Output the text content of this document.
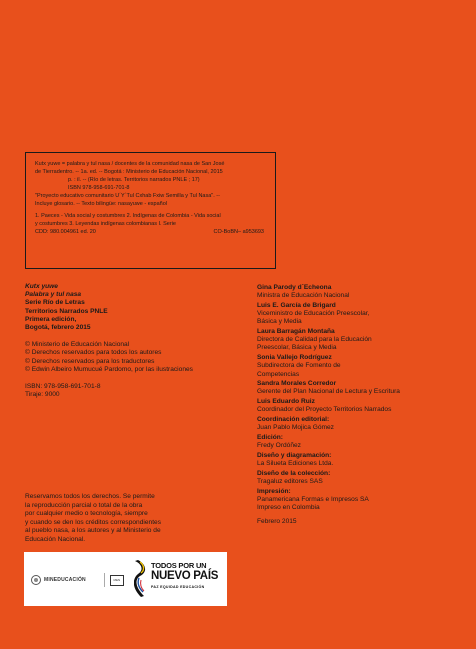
Kutx yuwe = palabra y tul nasa / docentes de la comunidad nasa de San José

de Tierradentro. -- 1a. ed. -- Bogotá : Ministerio de Educación Nacional, 2015

p. : il. -- (Río de letras. Territorios narrados PNLE ; 17)

ISBN 978-958-691-701-8

"Proyecto educativo comunitario U´Y´Tul Cxhab Fxiw Semilla y Tul Nasa". --

Incluye glosario. -- Texto bilingüe: nasayuwe - español

1. Paeces - Vida social y costumbres 2. Indígenas de Colombia - Vida social

y costumbres 3. Leyendas indígenas colombianas I. Serie

CDD: 980.004961 ed. 20	CO-BoBN– a953693
Kutx yuwe
Palabra y tul nasa
Serie Río de Letras
Territorios Narrados PNLE
Primera edición,
Bogotá, febrero 2015
© Ministerio de Educación Nacional
© Derechos reservados para todos los autores
© Derechos reservados para los traductores
© Edwin Albeiro Mumucué Pardomo, por las ilustraciones
ISBN: 978-958-691-701-8
Tiraje: 9000
Gina Parody d´Echeona
Ministra de Educación Nacional
Luis E. García de Brigard
Viceministro de Educación Preescolar, Básica y Media
Laura Barragán Montaña
Directora de Calidad para la Educación Preescolar, Básica y Media
Sonia Vallejo Rodríguez
Subdirectora de Fomento de Competencias
Sandra Morales Corredor
Gerente del Plan Nacional de Lectura y Escritura
Luis Eduardo Ruiz
Coordinador del Proyecto Territorios Narrados
Coordinación editorial:
Juan Pablo Mojica Gómez
Edición:
Fredy Ordóñez
Diseño y diagramación:
La Silueta Ediciones Ltda.
Diseño de la colección:
Tragaluz editores SAS
Impresión:
Panamericana Formas e Impresos SA
Impreso en Colombia
Febrero 2015
Reservamos todos los derechos. Se permite
la reproducción parcial o total de la obra
por cualquier medio o tecnología, siempre
y cuando se den los créditos correspondientes
al pueblo nasa, a los autores y al Ministerio de
Educación Nacional.
MINEDUCACIÓN	MEN
TODOS POR UN
NUEVO PAÍS
PAZ EQUIDAD EDUCACIÓN
